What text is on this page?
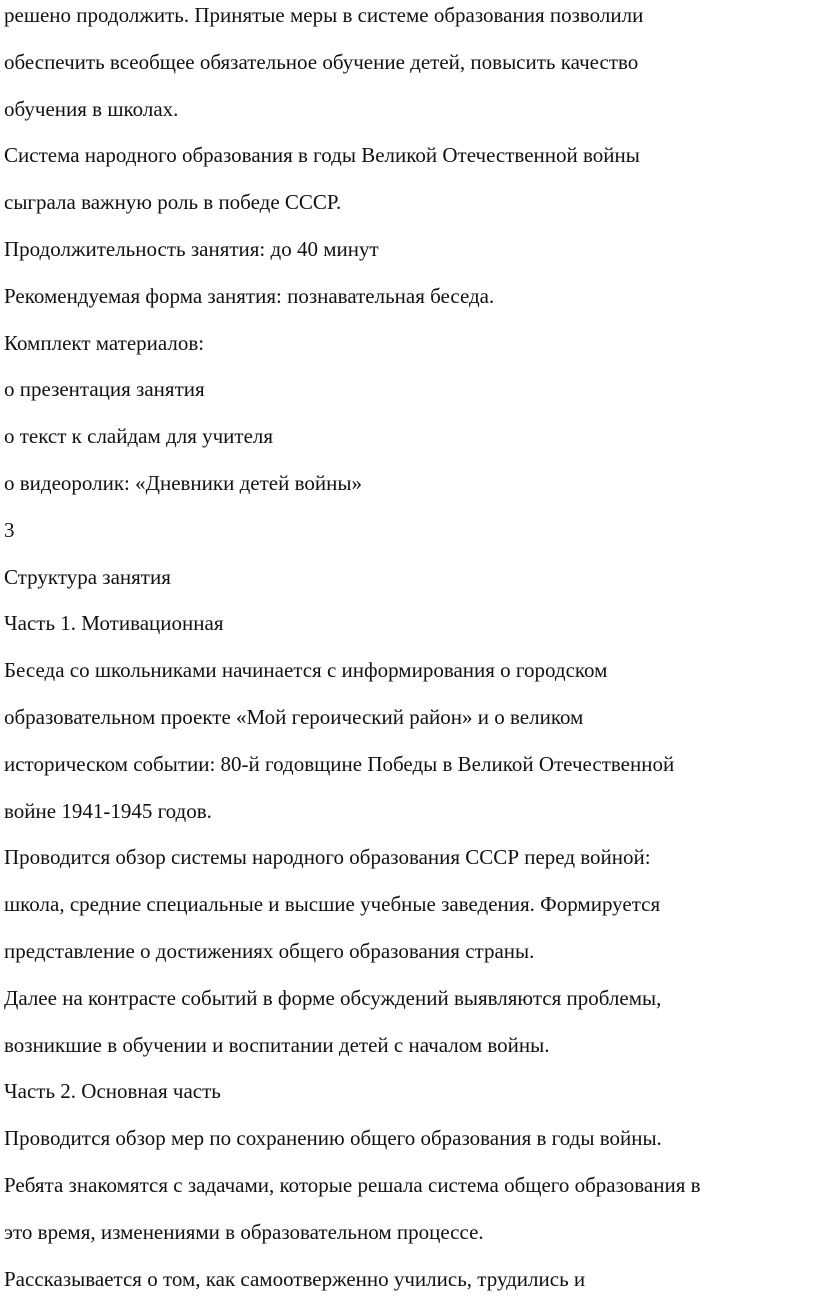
решено продолжить. Принятые меры в системе образования позволили
обеспечить всеобщее обязательное обучение детей, повысить качество
обучения в школах.
Система народного образования в годы Великой Отечественной войны
сыграла важную роль в победе СССР.
Продолжительность занятия: до 40 минут
Рекомендуемая форма занятия: познавательная беседа.
Комплект материалов:
o презентация занятия
o текст к слайдам для учителя
o видеоролик: «Дневники детей войны»
3
Структура занятия
Часть 1. Мотивационная
Беседа со школьниками начинается с информирования о городском
образовательном проекте «Мой героический район» и о великом
историческом событии: 80-й годовщине Победы в Великой Отечественной
войне 1941-1945 годов.
Проводится обзор системы народного образования СССР перед войной:
школа, средние специальные и высшие учебные заведения. Формируется
представление о достижениях общего образования страны.
Далее на контрасте событий в форме обсуждений выявляются проблемы,
возникшие в обучении и воспитании детей с началом войны.
Часть 2. Основная часть
Проводится обзор мер по сохранению общего образования в годы войны.
Ребята знакомятся с задачами, которые решала система общего образования в
это время, изменениями в образовательном процессе.
Рассказывается о том, как самоотверженно учились, трудились и
